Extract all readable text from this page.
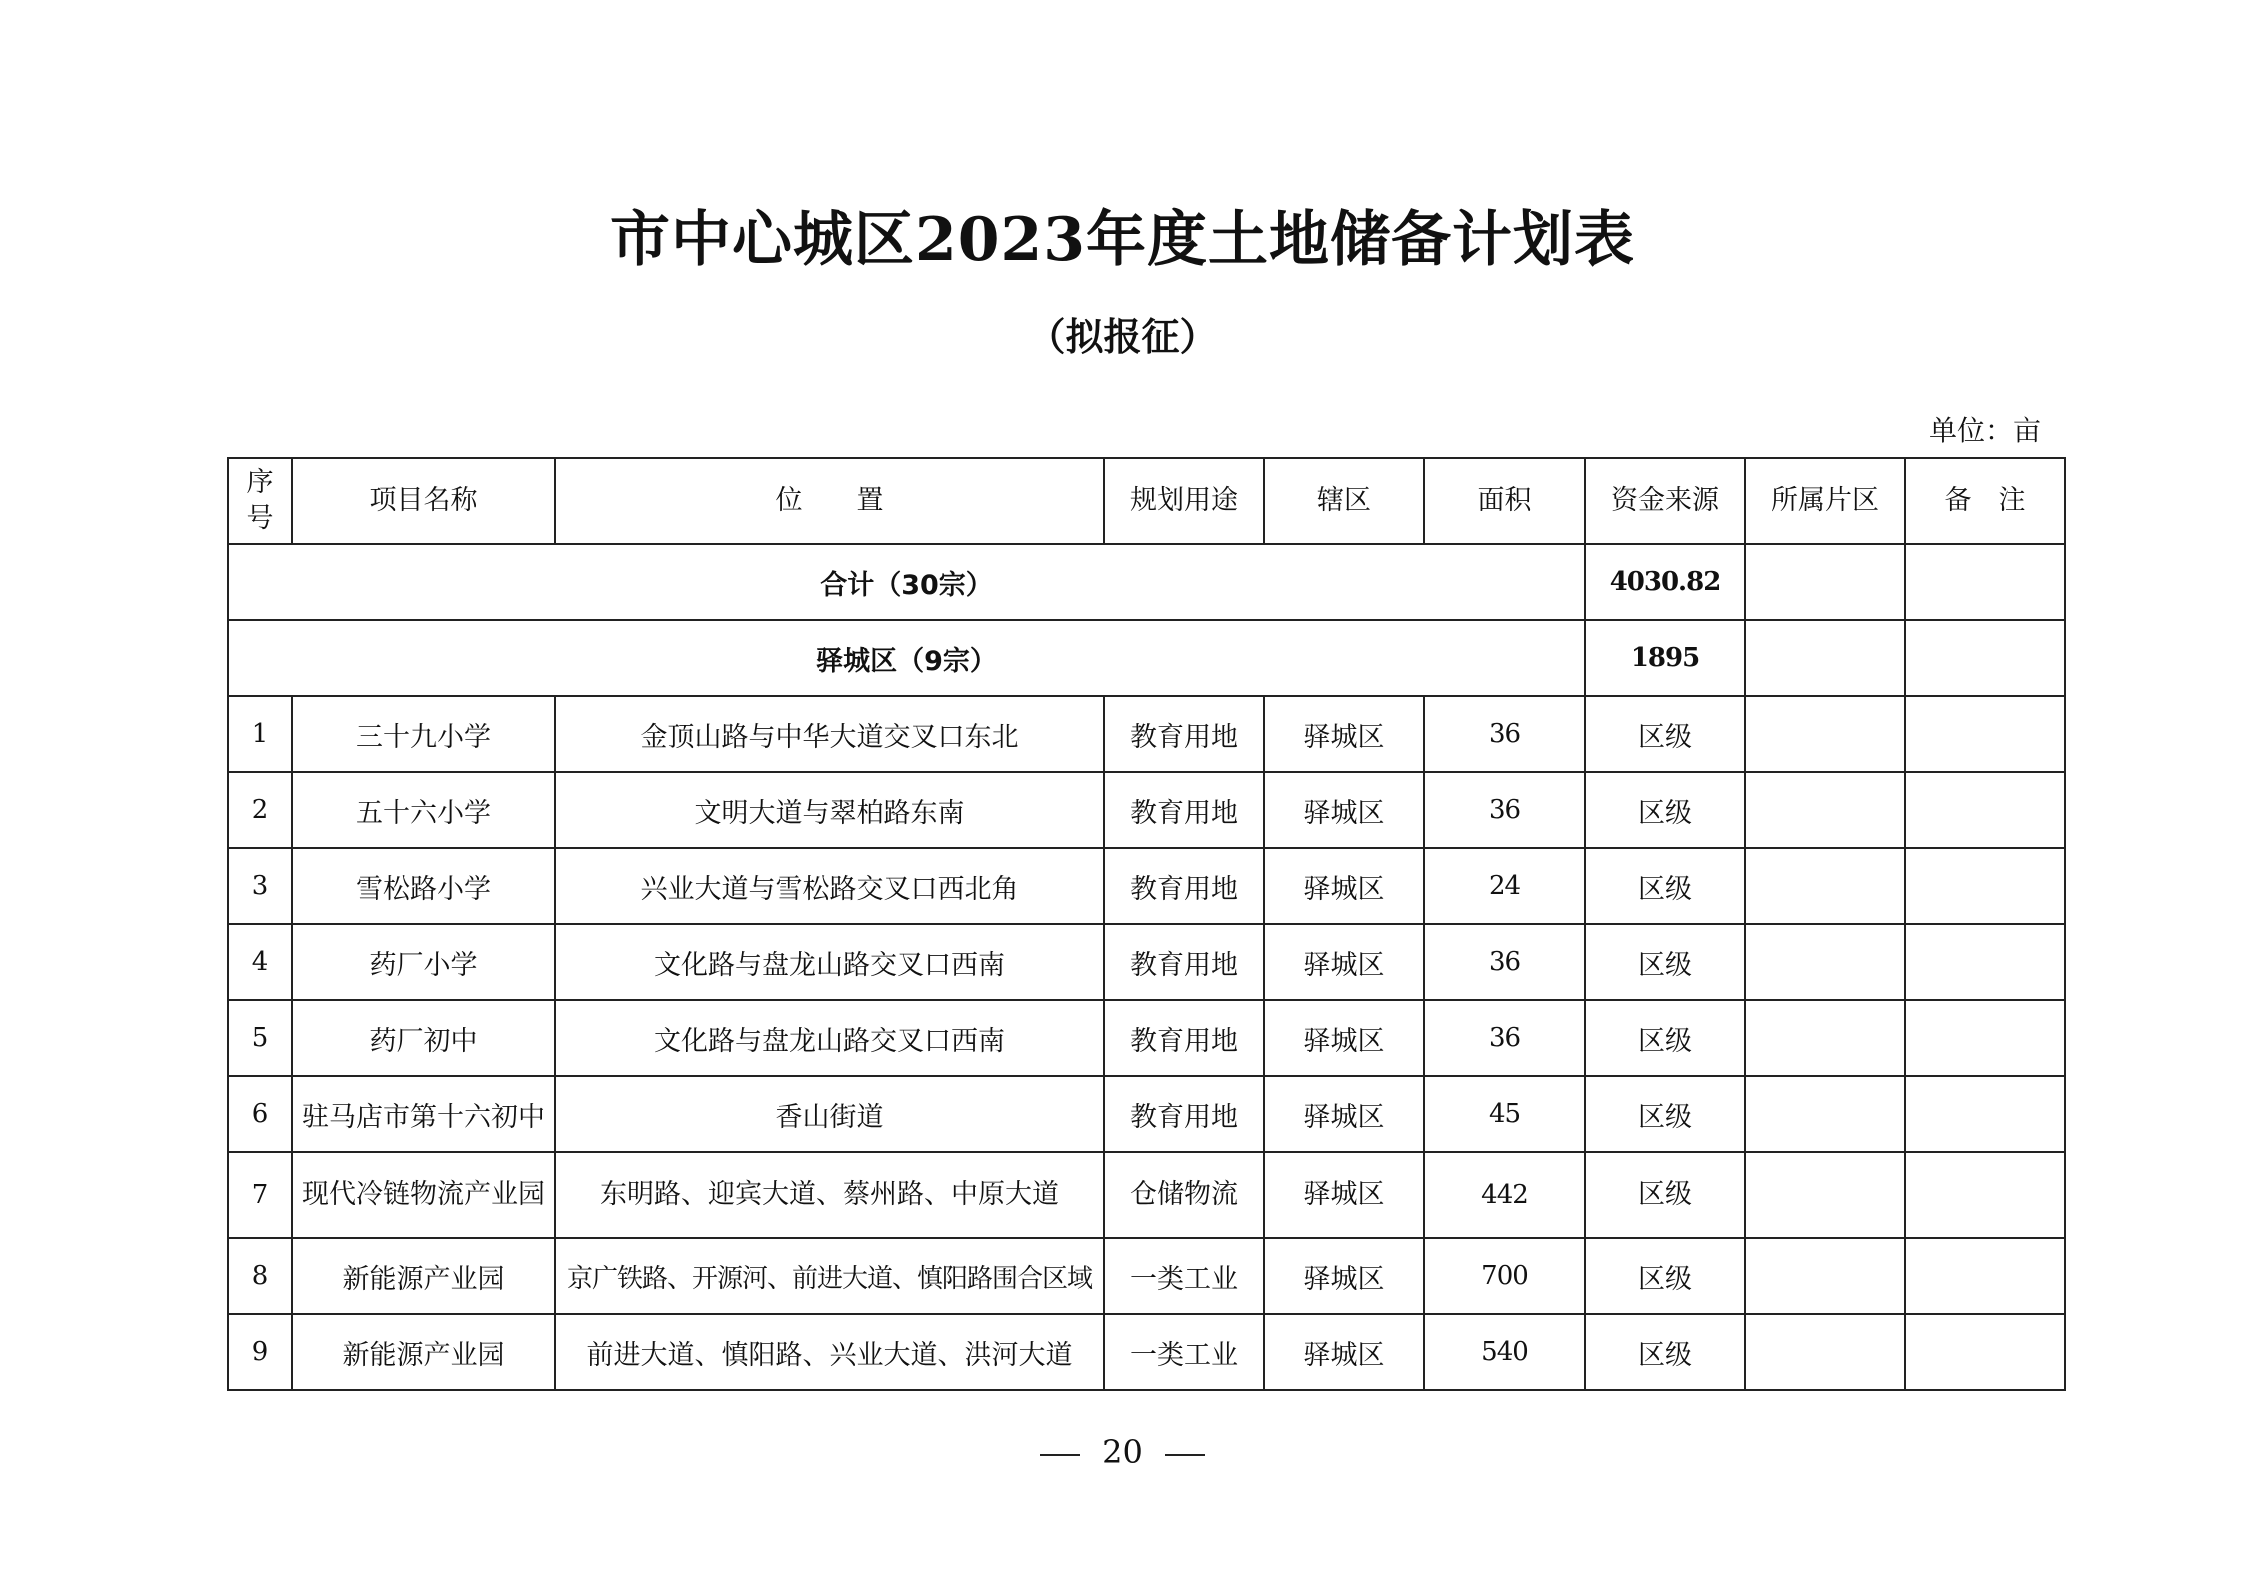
市中心城区2023年度土地储备计划表
（拟报征）
单位：亩
序
号	项目名称	位　　置	规划用途	辖区	面积	资金来源	所属片区	备　注	
合计（30宗）						4030.82			
驿城区（9宗）						1895			
1	三十九小学	金顶山路与中华大道交叉口东北	教育用地	驿城区	36	区级			
2	五十六小学	文明大道与翠柏路东南	教育用地	驿城区	36	区级			
3	雪松路小学	兴业大道与雪松路交叉口西北角	教育用地	驿城区	24	区级			
4	药厂小学	文化路与盘龙山路交叉口西南	教育用地	驿城区	36	区级			
5	药厂初中	文化路与盘龙山路交叉口西南	教育用地	驿城区	36	区级			
6	驻马店市第十六初中	香山街道	教育用地	驿城区	45	区级			
7	现代冷链物流产业园	东明路、迎宾大道、蔡州路、中原大道	仓储物流	驿城区	442	区级			
8	新能源产业园	京广铁路、开源河、前进大道、慎阳路围合区域	一类工业	驿城区	700	区级			
9	新能源产业园	前进大道、慎阳路、兴业大道、洪河大道	一类工业	驿城区	540	区级			
20
